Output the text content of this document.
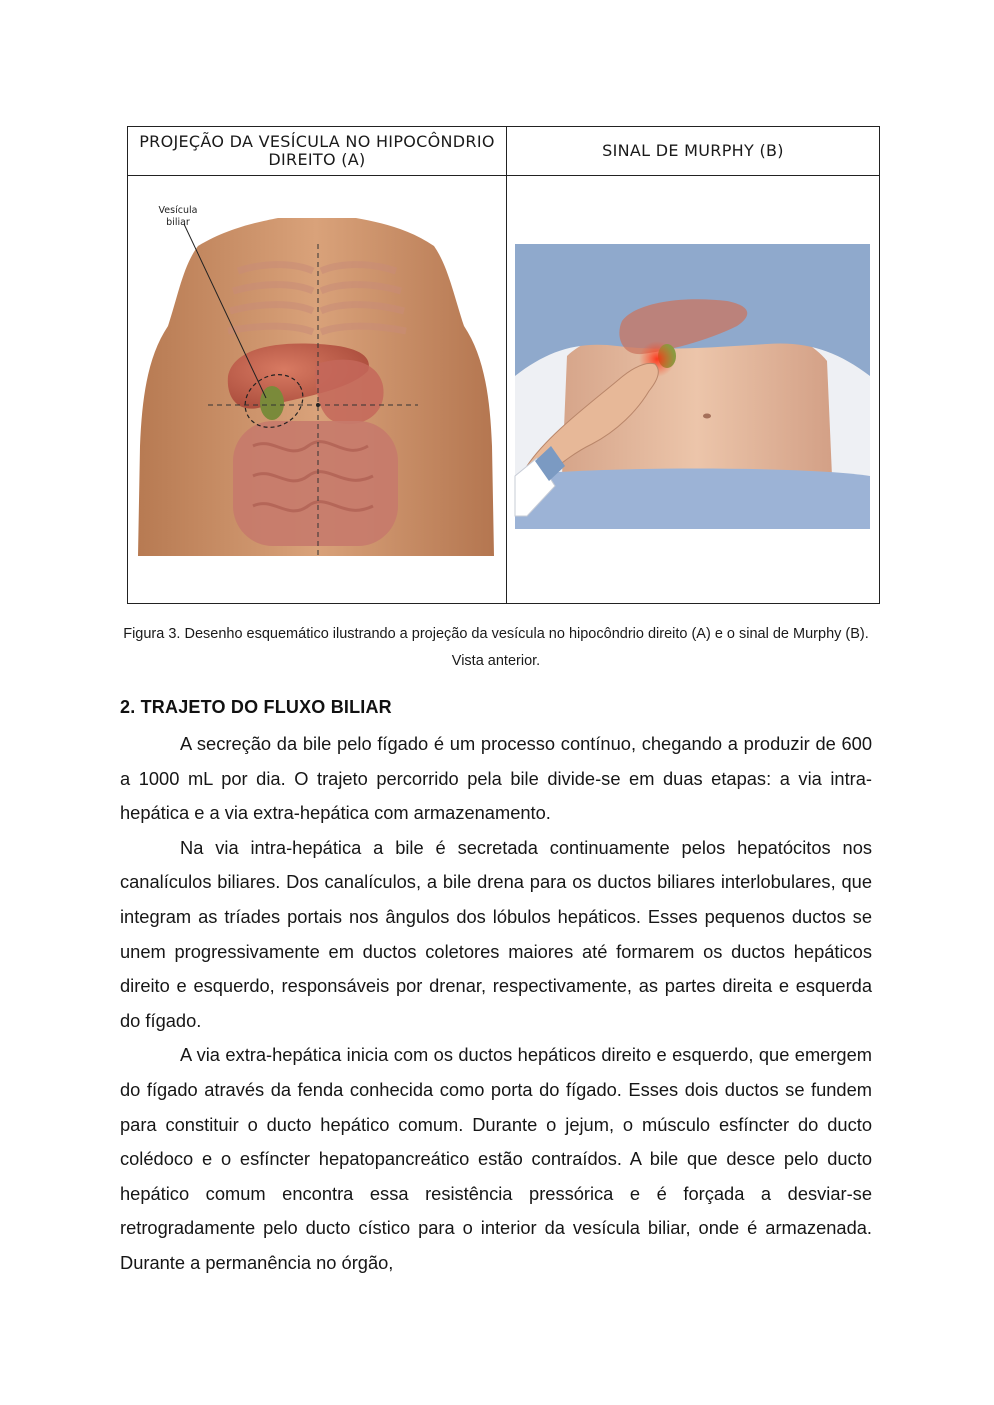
PROJEÇÃO DA VESÍCULA NO HIPOCÔNDRIO DIREITO (A)	SINAL DE MURPHY (B)
Vesícula
biliar
Figura 3. Desenho esquemático ilustrando a projeção da vesícula no hipocôndrio direito (A) e o sinal de Murphy (B). Vista anterior.
2. TRAJETO DO FLUXO BILIAR

A secreção da bile pelo fígado é um processo contínuo, chegando a produzir de 600 a 1000 mL por dia. O trajeto percorrido pela bile divide-se em duas etapas: a via intra-hepática e a via extra-hepática com armazenamento.

Na via intra-hepática a bile é secretada continuamente pelos hepatócitos nos canalículos biliares. Dos canalículos, a bile drena para os ductos biliares interlobulares, que integram as tríades portais nos ângulos dos lóbulos hepáticos. Esses pequenos ductos se unem progressivamente em ductos coletores maiores até formarem os ductos hepáticos direito e esquerdo, responsáveis por drenar, respectivamente, as partes direita e esquerda do fígado.

A via extra-hepática inicia com os ductos hepáticos direito e esquerdo, que emergem do fígado através da fenda conhecida como porta do fígado. Esses dois ductos se fundem para constituir o ducto hepático comum. Durante o jejum, o músculo esfíncter do ducto colédoco e o esfíncter hepatopancreático estão contraídos. A bile que desce pelo ducto hepático comum encontra essa resistência pressórica e é forçada a desviar-se retrogradamente pelo ducto cístico para o interior da vesícula biliar, onde é armazenada. Durante a permanência no órgão,
